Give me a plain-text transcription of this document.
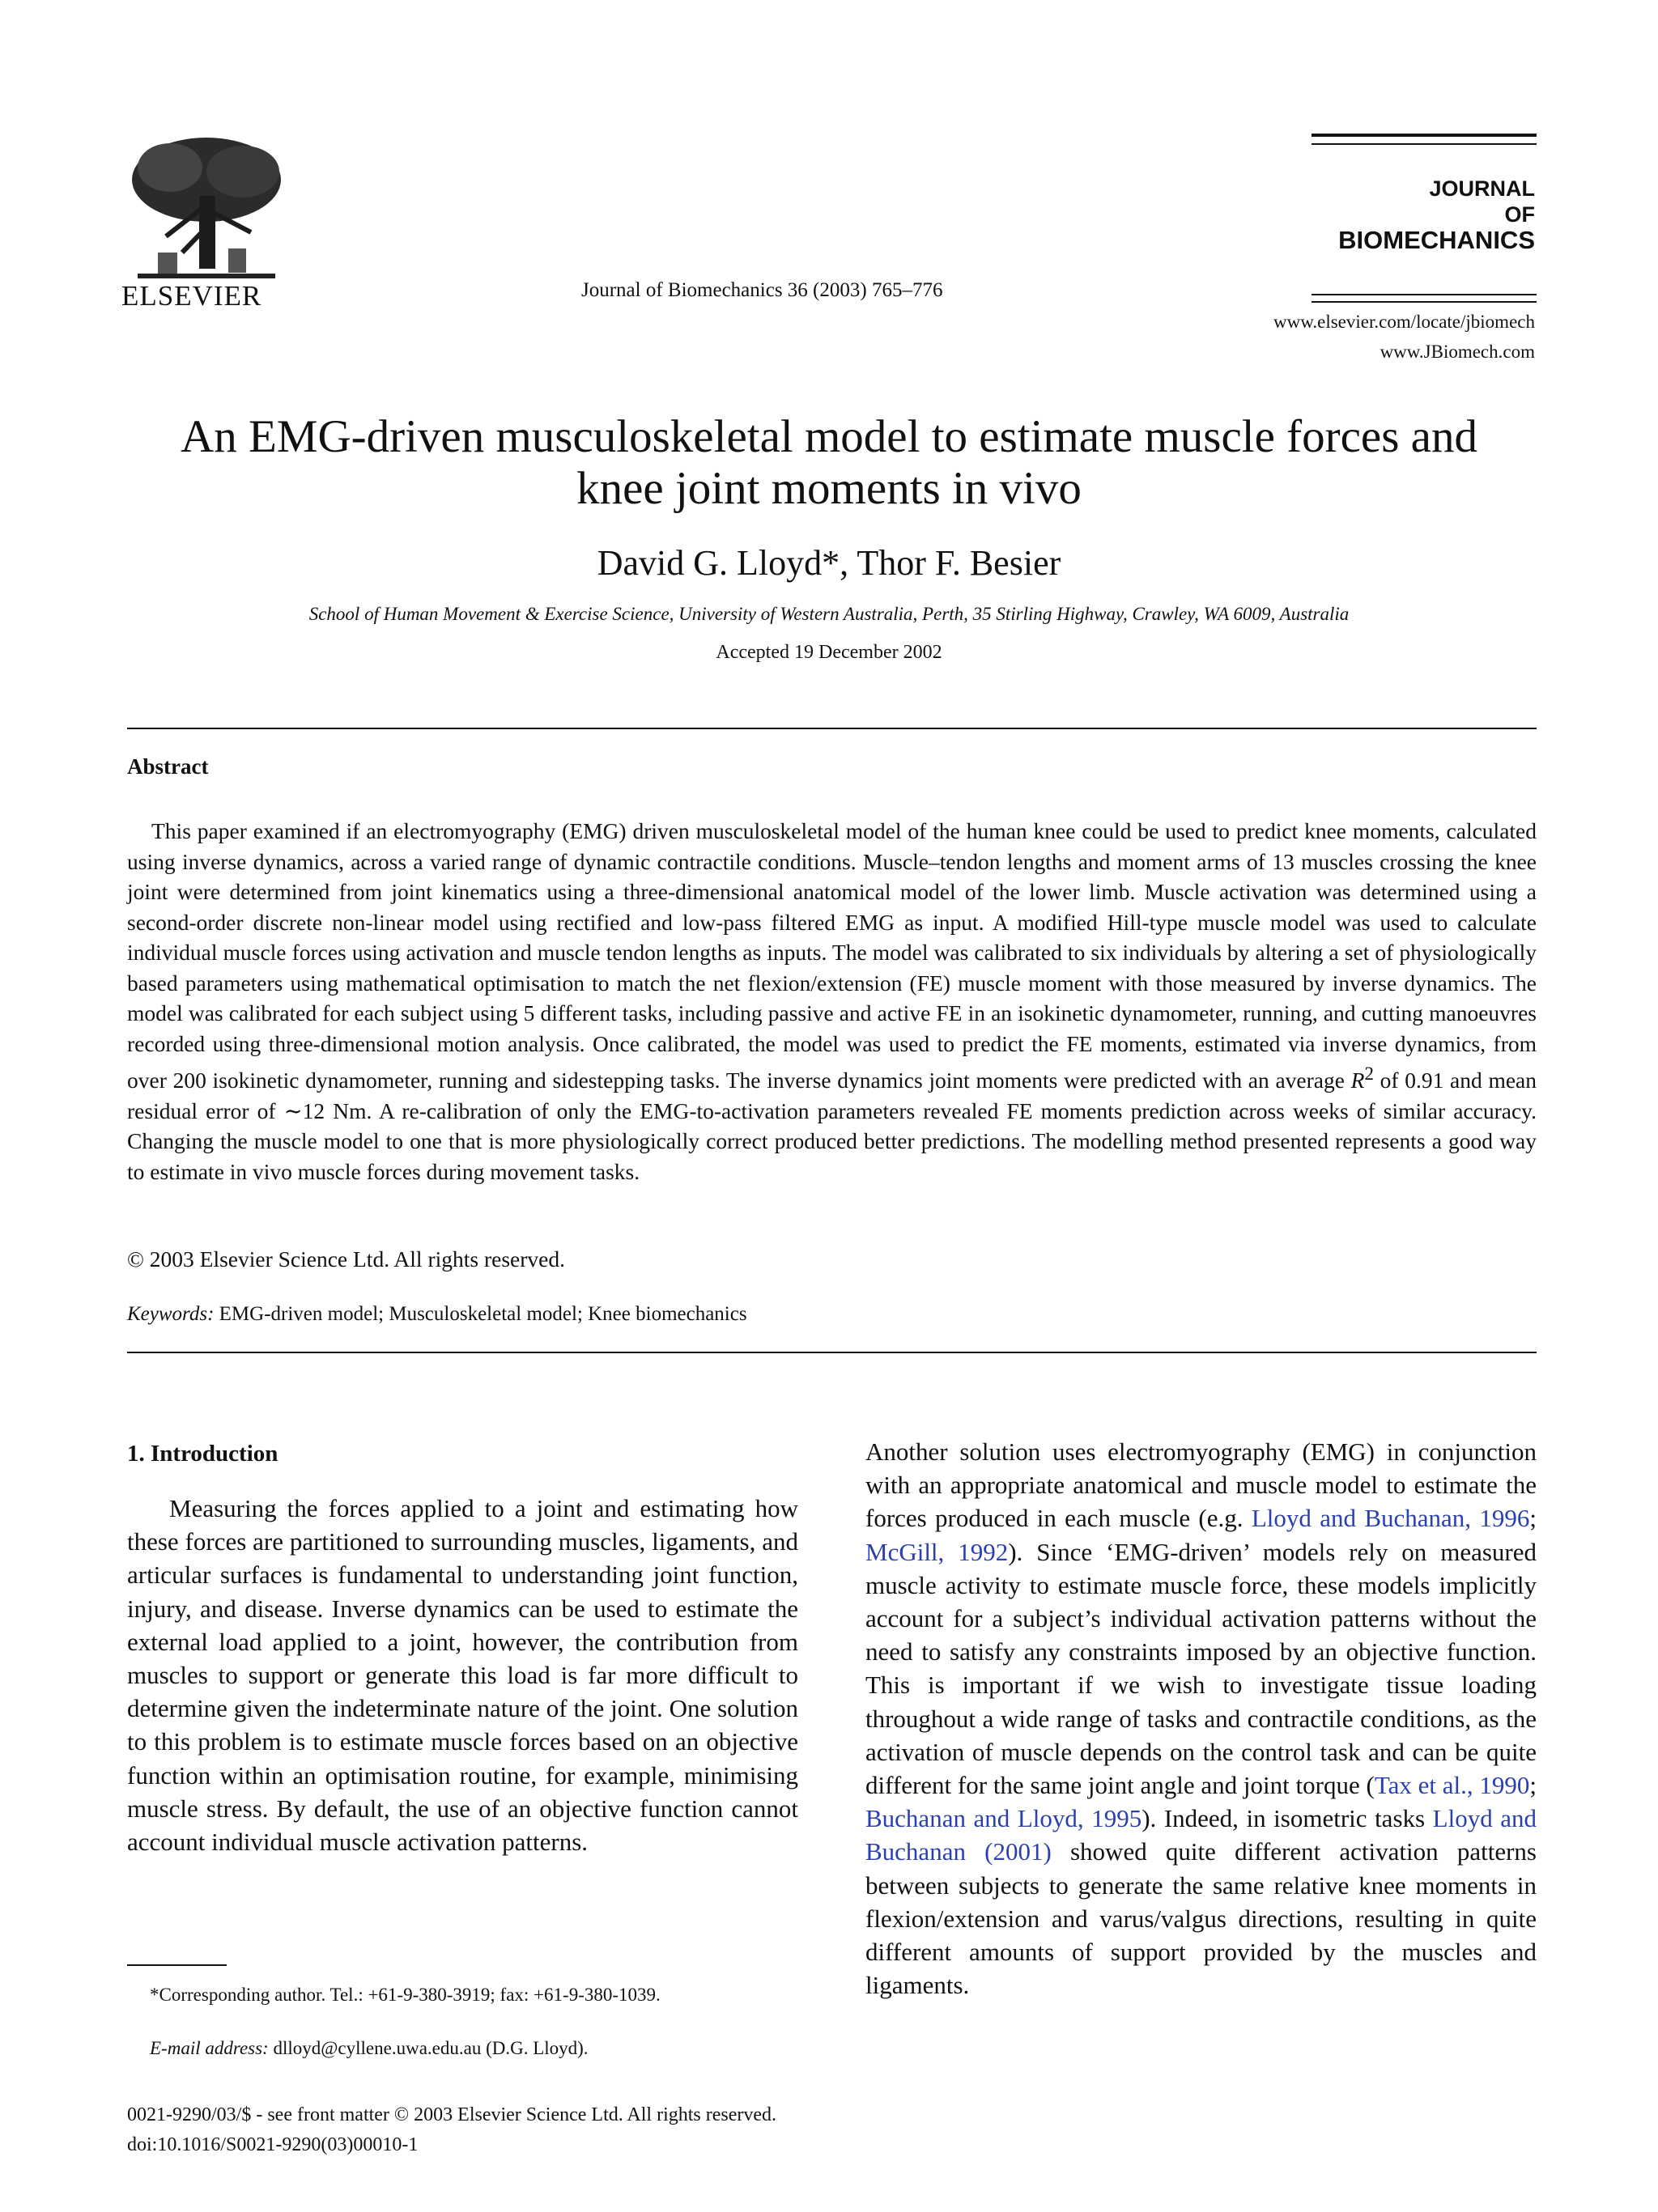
ELSEVIER	Journal of Biomechanics 36 (2003) 765–776
JOURNAL
OF
BIOMECHANICS
www.elsevier.com/locate/jbiomech
www.JBiomech.com
An EMG-driven musculoskeletal model to estimate muscle forces and
knee joint moments in vivo
David G. Lloyd*, Thor F. Besier
School of Human Movement & Exercise Science, University of Western Australia, Perth, 35 Stirling Highway, Crawley, WA 6009, Australia
Accepted 19 December 2002
Abstract

This paper examined if an electromyography (EMG) driven musculoskeletal model of the human knee could be used to predict knee moments, calculated using inverse dynamics, across a varied range of dynamic contractile conditions. Muscle–tendon lengths and moment arms of 13 muscles crossing the knee joint were determined from joint kinematics using a three-dimensional anatomical model of the lower limb. Muscle activation was determined using a second-order discrete non-linear model using rectified and low-pass filtered EMG as input. A modified Hill-type muscle model was used to calculate individual muscle forces using activation and muscle tendon lengths as inputs. The model was calibrated to six individuals by altering a set of physiologically based parameters using mathematical optimisation to match the net flexion/extension (FE) muscle moment with those measured by inverse dynamics. The model was calibrated for each subject using 5 different tasks, including passive and active FE in an isokinetic dynamometer, running, and cutting manoeuvres recorded using three-dimensional motion analysis. Once calibrated, the model was used to predict the FE moments, estimated via inverse dynamics, from over 200 isokinetic dynamometer, running and sidestepping tasks. The inverse dynamics joint moments were predicted with an average $R^2$ of 0.91 and mean residual error of ∼12 Nm. A re-calibration of only the EMG-to-activation parameters revealed FE moments prediction across weeks of similar accuracy. Changing the muscle model to one that is more physiologically correct produced better predictions. The modelling method presented represents a good way to estimate in vivo muscle forces during movement tasks.

© 2003 Elsevier Science Ltd. All rights reserved.
Keywords: EMG-driven model; Musculoskeletal model; Knee biomechanics
1. Introduction
Measuring the forces applied to a joint and estimating how these forces are partitioned to surrounding muscles, ligaments, and articular surfaces is fundamental to understanding joint function, injury, and disease. Inverse dynamics can be used to estimate the external load applied to a joint, however, the contribution from muscles to support or generate this load is far more difficult to determine given the indeterminate nature of the joint. One solution to this problem is to estimate muscle forces based on an objective function within an optimisation routine, for example, minimising muscle stress. By default, the use of an objective function cannot account individual muscle activation patterns.
Another solution uses electromyography (EMG) in conjunction with an appropriate anatomical and muscle model to estimate the forces produced in each muscle (e.g. Lloyd and Buchanan, 1996; McGill, 1992). Since ‘EMG-driven’ models rely on measured muscle activity to estimate muscle force, these models implicitly account for a subject’s individual activation patterns without the need to satisfy any constraints imposed by an objective function. This is important if we wish to investigate tissue loading throughout a wide range of tasks and contractile conditions, as the activation of muscle depends on the control task and can be quite different for the same joint angle and joint torque (Tax et al., 1990; Buchanan and Lloyd, 1995). Indeed, in isometric tasks Lloyd and Buchanan (2001) showed quite different activation patterns between subjects to generate the same relative knee moments in flexion/extension and varus/valgus directions, resulting in quite different amounts of support provided by the muscles and ligaments.
*Corresponding author. Tel.: +61-9-380-3919; fax: +61-9-380-1039.
E-mail address: dlloyd@cyllene.uwa.edu.au (D.G. Lloyd).
0021-9290/03/$ - see front matter © 2003 Elsevier Science Ltd. All rights reserved.
doi:10.1016/S0021-9290(03)00010-1
